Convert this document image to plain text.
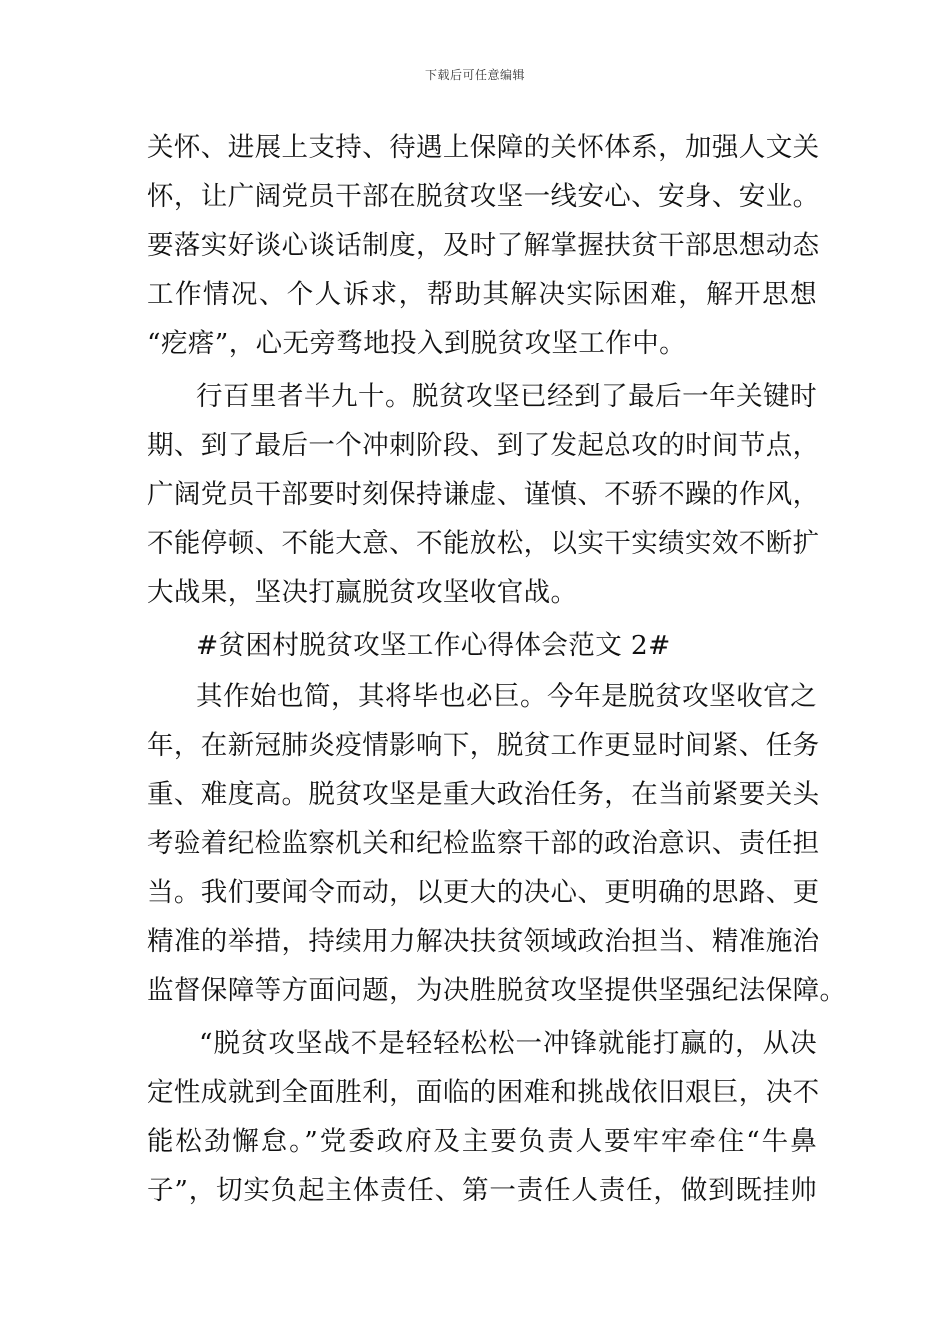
下载后可任意编辑
关怀、进展上支持、待遇上保障的关怀体系，加强人文关
怀，让广阔党员干部在脱贫攻坚一线安心、安身、安业。
要落实好谈心谈话制度，及时了解掌握扶贫干部思想动态
工作情况、个人诉求，帮助其解决实际困难，解开思想
“疙瘩”，心无旁骛地投入到脱贫攻坚工作中。
行百里者半九十。脱贫攻坚已经到了最后一年关键时
期、到了最后一个冲刺阶段、到了发起总攻的时间节点，
广阔党员干部要时刻保持谦虚、谨慎、不骄不躁的作风，
不能停顿、不能大意、不能放松，以实干实绩实效不断扩
大战果，坚决打赢脱贫攻坚收官战。
#贫困村脱贫攻坚工作心得体会范文 2#
其作始也简，其将毕也必巨。今年是脱贫攻坚收官之
年，在新冠肺炎疫情影响下，脱贫工作更显时间紧、任务
重、难度高。脱贫攻坚是重大政治任务，在当前紧要关头
考验着纪检监察机关和纪检监察干部的政治意识、责任担
当。我们要闻令而动，以更大的决心、更明确的思路、更
精准的举措，持续用力解决扶贫领域政治担当、精准施治
监督保障等方面问题，为决胜脱贫攻坚提供坚强纪法保障。
“脱贫攻坚战不是轻轻松松一冲锋就能打赢的，从决
定性成就到全面胜利，面临的困难和挑战依旧艰巨，决不
能松劲懈怠。”党委政府及主要负责人要牢牢牵住“牛鼻
子”，切实负起主体责任、第一责任人责任，做到既挂帅
